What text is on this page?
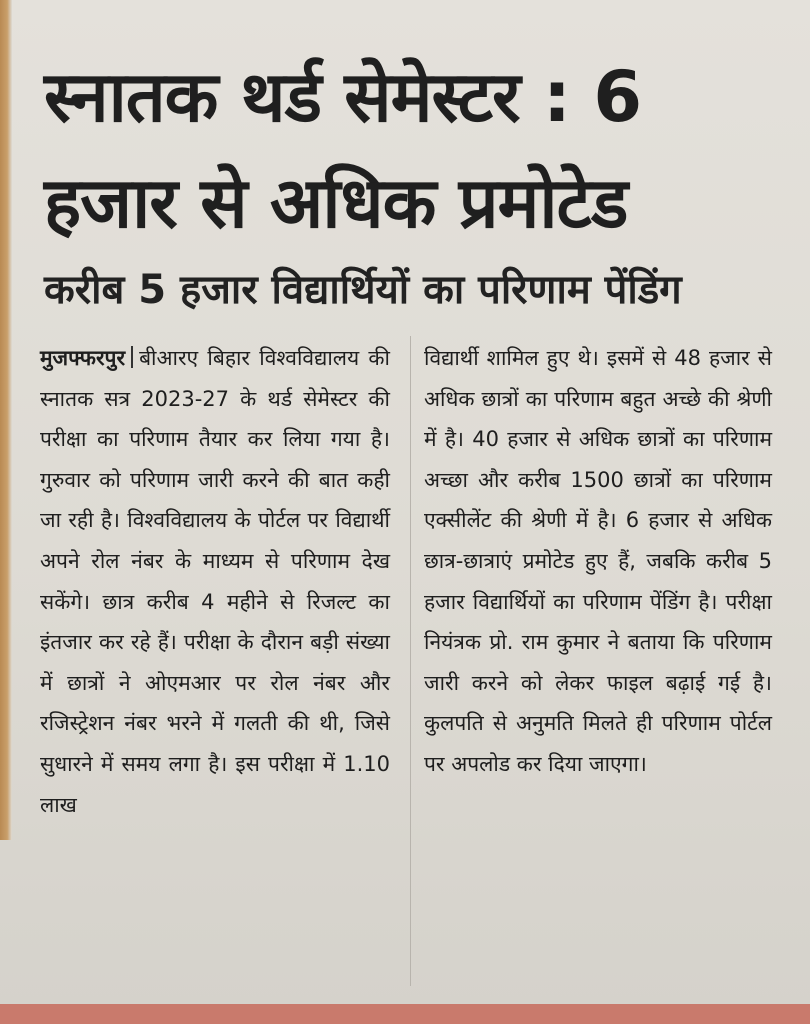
स्नातक थर्ड सेमेस्टर : 6
हजार से अधिक प्रमोटेड
करीब 5 हजार विद्यार्थियों का परिणाम पेंडिंग

मुजफ्फरपुर बीआरए बिहार विश्वविद्यालय की स्नातक सत्र 2023-27 के थर्ड सेमेस्टर की परीक्षा का परिणाम तैयार कर लिया गया है। गुरुवार को परिणाम जारी करने की बात कही जा रही है। विश्वविद्यालय के पोर्टल पर विद्यार्थी अपने रोल नंबर के माध्यम से परिणाम देख सकेंगे। छात्र करीब 4 महीने से रिजल्ट का इंतजार कर रहे हैं। परीक्षा के दौरान बड़ी संख्या में छात्रों ने ओएमआर पर रोल नंबर और रजिस्ट्रेशन नंबर भरने में गलती की थी, जिसे सुधारने में समय लगा है। इस परीक्षा में 1.10 लाख

विद्यार्थी शामिल हुए थे। इसमें से 48 हजार से अधिक छात्रों का परिणाम बहुत अच्छे की श्रेणी में है। 40 हजार से अधिक छात्रों का परिणाम अच्छा और करीब 1500 छात्रों का परिणाम एक्सीलेंट की श्रेणी में है। 6 हजार से अधिक छात्र-छात्राएं प्रमोटेड हुए हैं, जबकि करीब 5 हजार विद्यार्थियों का परिणाम पेंडिंग है। परीक्षा नियंत्रक प्रो. राम कुमार ने बताया कि परिणाम जारी करने को लेकर फाइल बढ़ाई गई है। कुलपति से अनुमति मिलते ही परिणाम पोर्टल पर अपलोड कर दिया जाएगा।
